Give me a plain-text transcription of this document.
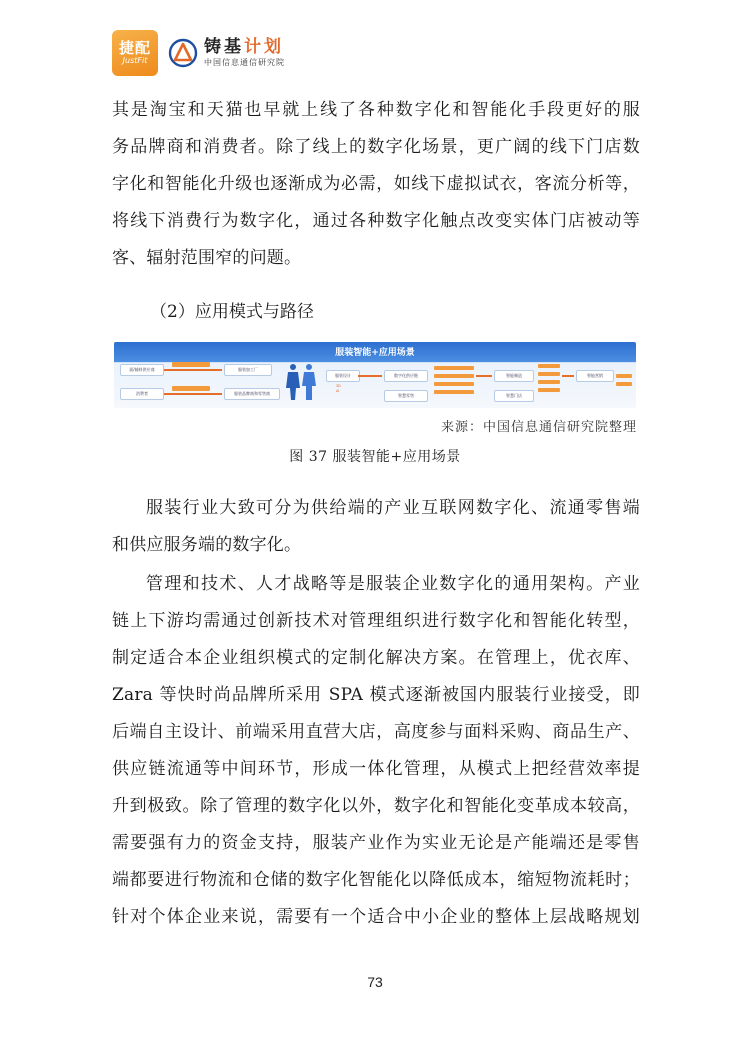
捷配
JustFit
铸基计划
中国信息通信研究院
其是淘宝和天猫也早就上线了各种数字化和智能化手段更好的服
务品牌商和消费者。除了线上的数字化场景，更广阔的线下门店数
字化和智能化升级也逐渐成为必需，如线下虚拟试衣，客流分析等，
将线下消费行为数字化，通过各种数字化触点改变实体门店被动等
客、辐射范围窄的问题。
（2）应用模式与路径
服装智能+应用场景
面/辅料供应商
消费者
服装加工厂
服装品牌商和零售商
服装设计
3D
AI
数字化供应链
智慧零售
智能制造
智慧门店
智能营销
来源：中国信息通信研究院整理
图 37 服装智能+应用场景
服装行业大致可分为供给端的产业互联网数字化、流通零售端
和供应服务端的数字化。
管理和技术、人才战略等是服装企业数字化的通用架构。产业
链上下游均需通过创新技术对管理组织进行数字化和智能化转型，
制定适合本企业组织模式的定制化解决方案。在管理上，优衣库、
Zara 等快时尚品牌所采用 SPA 模式逐渐被国内服装行业接受，即
后端自主设计、前端采用直营大店，高度参与面料采购、商品生产、
供应链流通等中间环节，形成一体化管理，从模式上把经营效率提
升到极致。除了管理的数字化以外，数字化和智能化变革成本较高，
需要强有力的资金支持，服装产业作为实业无论是产能端还是零售
端都要进行物流和仓储的数字化智能化以降低成本，缩短物流耗时；
针对个体企业来说，需要有一个适合中小企业的整体上层战略规划
73
